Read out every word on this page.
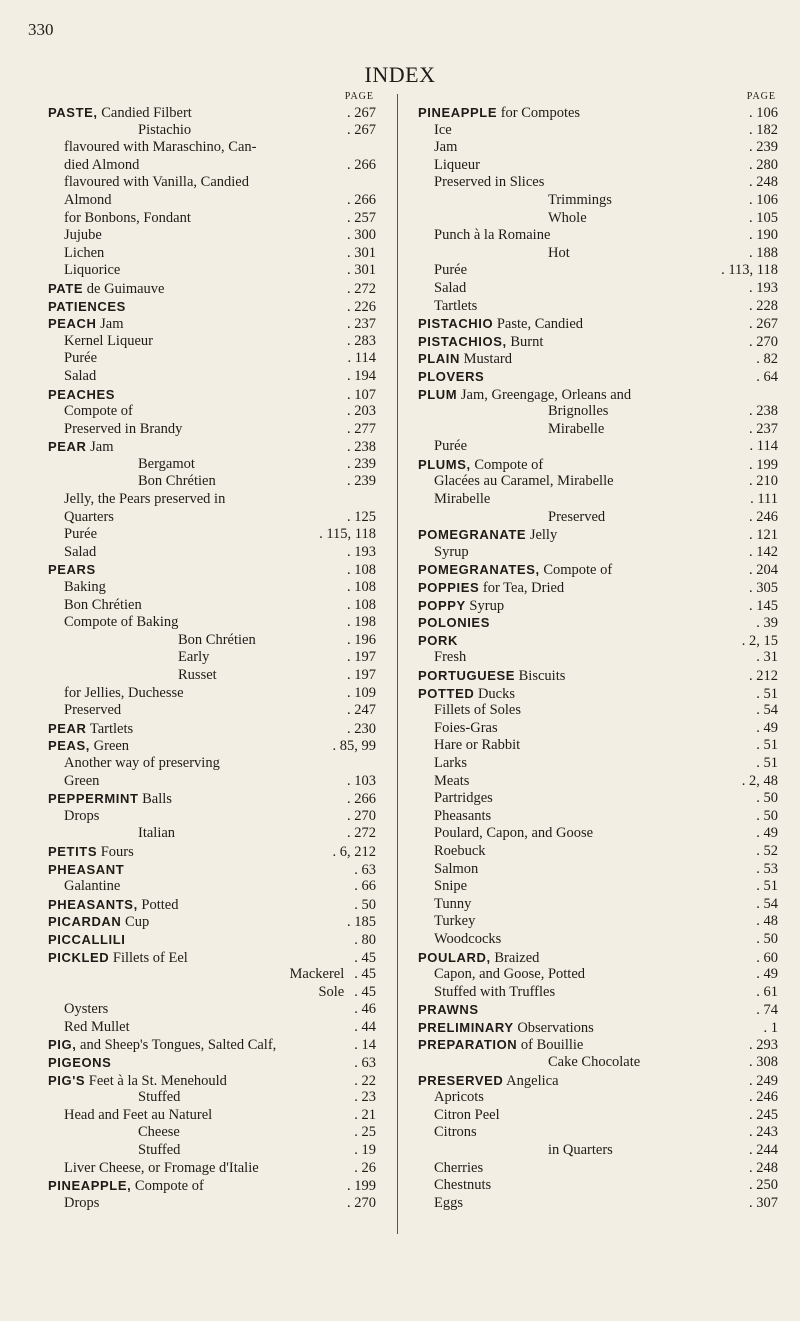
330
INDEX
PAGE
PASTE, Candied Filbert	. 267
Pistachio	. 267
flavoured with Maraschino, Can-
died Almond	. 266
flavoured with Vanilla, Candied
Almond	. 266
for Bonbons, Fondant	. 257
Jujube	. 300
Lichen	. 301
Liquorice	. 301
PATE de Guimauve	. 272
PATIENCES	. 226
PEACH Jam	. 237
Kernel Liqueur	. 283
Purée	. 114
Salad	. 194
PEACHES	. 107
Compote of	. 203
Preserved in Brandy	. 277
PEAR Jam	. 238
Bergamot	. 239
Bon Chrétien	. 239
Jelly, the Pears preserved in
Quarters	. 125
Purée	. 115, 118
Salad	. 193
PEARS	. 108
Baking	. 108
Bon Chrétien	. 108
Compote of Baking	. 198
Bon Chrétien	. 196
Early	. 197
Russet	. 197
for Jellies, Duchesse	. 109
Preserved	. 247
PEAR Tartlets	. 230
PEAS, Green	. 85, 99
Another way of preserving
Green	. 103
PEPPERMINT Balls	. 266
Drops	. 270
Italian	. 272
PETITS Fours	. 6, 212
PHEASANT	. 63
Galantine	. 66
PHEASANTS, Potted	. 50
PICARDAN Cup	. 185
PICCALLILI	. 80
PICKLED Fillets of Eel	. 45
Mackerel	. 45
Sole	. 45
Oysters	. 46
Red Mullet	. 44
PIG, and Sheep's Tongues, Salted Calf,	. 14
PIGEONS	. 63
PIG'S Feet à la St. Menehould	. 22
Stuffed	. 23
Head and Feet au Naturel	. 21
Cheese	. 25
Stuffed	. 19
Liver Cheese, or Fromage d'Italie	. 26
PINEAPPLE, Compote of	. 199
Drops	. 270
PAGE
PINEAPPLE for Compotes	. 106
Ice	. 182
Jam	. 239
Liqueur	. 280
Preserved in Slices	. 248
Trimmings	. 106
Whole	. 105
Punch à la Romaine	. 190
Hot	. 188
Purée	. 113, 118
Salad	. 193
Tartlets	. 228
PISTACHIO Paste, Candied	. 267
PISTACHIOS, Burnt	. 270
PLAIN Mustard	. 82
PLOVERS	. 64
PLUM Jam, Greengage, Orleans and
Brignolles	. 238
Mirabelle	. 237
Purée	. 114
PLUMS, Compote of	. 199
Glacées au Caramel, Mirabelle	. 210
Mirabelle	. 111
Preserved	. 246
POMEGRANATE Jelly	. 121
Syrup	. 142
POMEGRANATES, Compote of	. 204
POPPIES for Tea, Dried	. 305
POPPY Syrup	. 145
POLONIES	. 39
PORK	. 2, 15
Fresh	. 31
PORTUGUESE Biscuits	. 212
POTTED Ducks	. 51
Fillets of Soles	. 54
Foies-Gras	. 49
Hare or Rabbit	. 51
Larks	. 51
Meats	. 2, 48
Partridges	. 50
Pheasants	. 50
Poulard, Capon, and Goose	. 49
Roebuck	. 52
Salmon	. 53
Snipe	. 51
Tunny	. 54
Turkey	. 48
Woodcocks	. 50
POULARD, Braized	. 60
Capon, and Goose, Potted	. 49
Stuffed with Truffles	. 61
PRAWNS	. 74
PRELIMINARY Observations	. 1
PREPARATION of Bouillie	. 293
Cake Chocolate	. 308
PRESERVED Angelica	. 249
Apricots	. 246
Citron Peel	. 245
Citrons	. 243
in Quarters	. 244
Cherries	. 248
Chestnuts	. 250
Eggs	. 307
